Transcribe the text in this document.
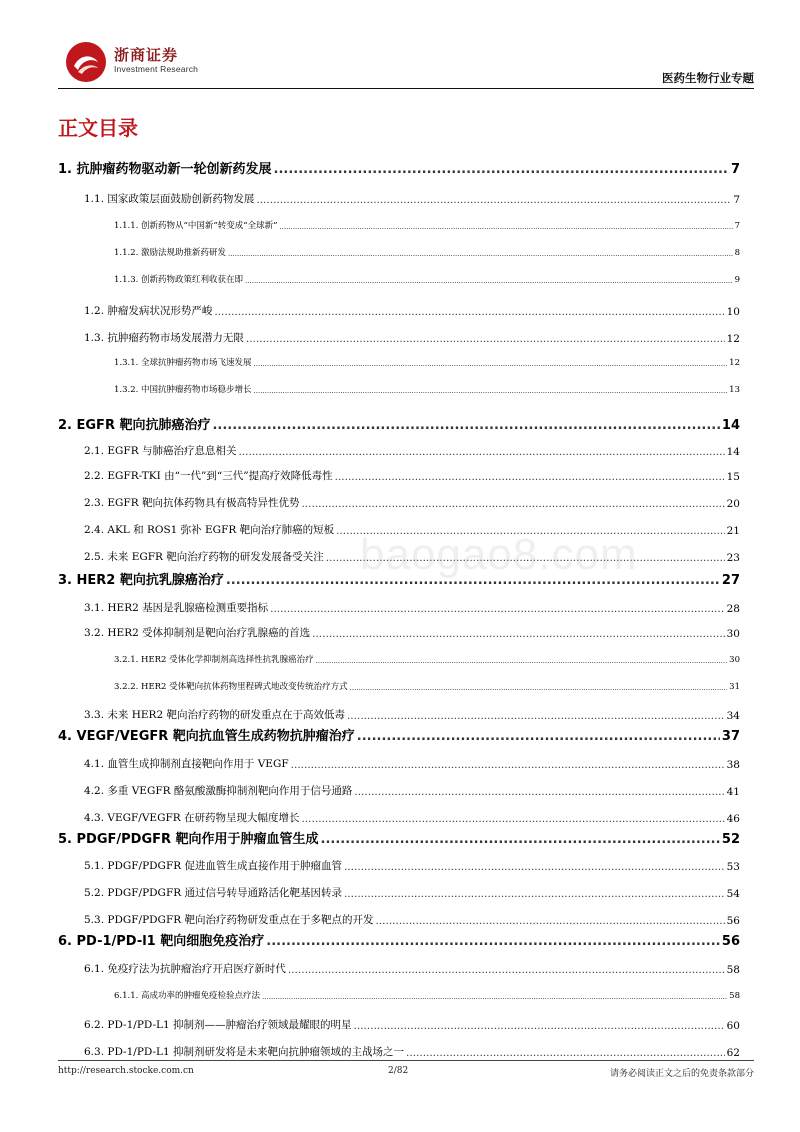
浙商证券
Investment Research
医药生物行业专题
正文目录
1. 抗肿瘤药物驱动新一轮创新药发展 .....	7
1.1. 国家政策层面鼓励创新药物发展 .....	7
1.1.1. 创新药物从“中国新”转变成“全球新” .....	7
1.1.2. 激励法规助推新药研发 .....	8
1.1.3. 创新药物政策红利收获在即 .....	9
1.2. 肿瘤发病状况形势严峻 .....	10
1.3. 抗肿瘤药物市场发展潜力无限 .....	12
1.3.1. 全球抗肿瘤药物市场飞速发展 .....	12
1.3.2. 中国抗肿瘤药物市场稳步增长 .....	13
2. EGFR 靶向抗肺癌治疗 .....	14
2.1. EGFR 与肺癌治疗息息相关 .....	14
2.2. EGFR-TKI 由“一代”到“三代”提高疗效降低毒性 .....	15
2.3. EGFR 靶向抗体药物具有极高特异性优势 .....	20
2.4. AKL 和 ROS1 弥补 EGFR 靶向治疗肺癌的短板 .....	21
2.5. 未来 EGFR 靶向治疗药物的研发发展备受关注 .....	23
3. HER2 靶向抗乳腺癌治疗 .....	27
3.1. HER2 基因是乳腺癌检测重要指标 .....	28
3.2. HER2 受体抑制剂是靶向治疗乳腺癌的首选 .....	30
3.2.1. HER2 受体化学抑制剂高选择性抗乳腺癌治疗 .....	30
3.2.2. HER2 受体靶向抗体药物里程碑式地改变传统治疗方式 .....	31
3.3. 未来 HER2 靶向治疗药物的研发重点在于高效低毒 .....	34
4. VEGF/VEGFR 靶向抗血管生成药物抗肿瘤治疗 .....	37
4.1. 血管生成抑制剂直接靶向作用于 VEGF .....	38
4.2. 多重 VEGFR 酪氨酸激酶抑制剂靶向作用于信号通路 .....	41
4.3. VEGF/VEGFR 在研药物呈现大幅度增长 .....	46
5. PDGF/PDGFR 靶向作用于肿瘤血管生成 .....	52
5.1. PDGF/PDGFR 促进血管生成直接作用于肿瘤血管 .....	53
5.2. PDGF/PDGFR 通过信号转导通路活化靶基因转录 .....	54
5.3. PDGF/PDGFR 靶向治疗药物研发重点在于多靶点的开发 .....	56
6. PD-1/PD-l1 靶向细胞免疫治疗 .....	56
6.1. 免疫疗法为抗肿瘤治疗开启医疗新时代 .....	58
6.1.1. 高成功率的肿瘤免疫检验点疗法 .....	58
6.2. PD-1/PD-L1 抑制剂——肿瘤治疗领域最耀眼的明星 .....	60
6.3. PD-1/PD-L1 抑制剂研发将是未来靶向抗肿瘤领域的主战场之一 .....	62
baogao8.com
http://research.stocke.com.cn	2/82	请务必阅读正文之后的免责条款部分
